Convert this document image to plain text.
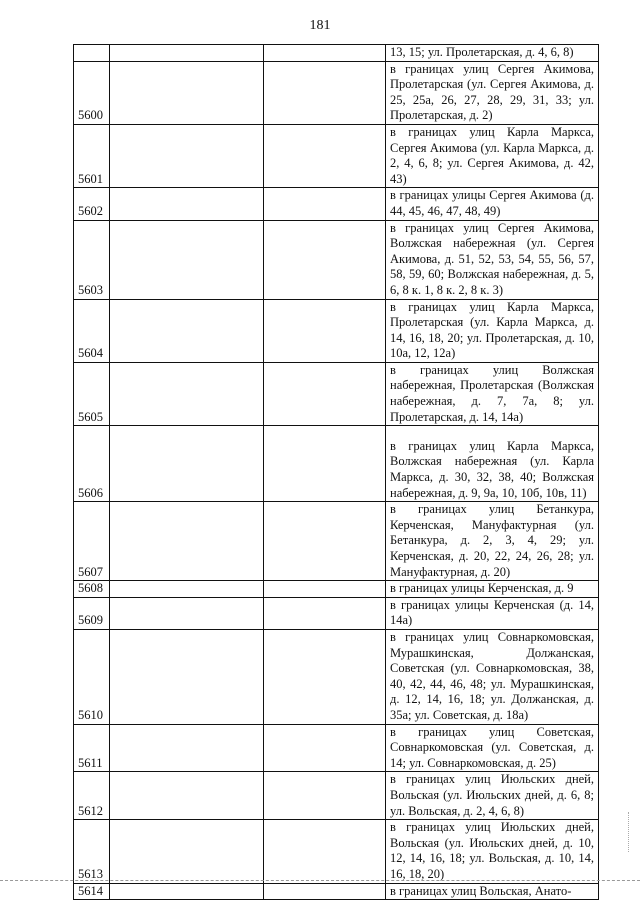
181
			13, 15; ул. Пролетарская, д. 4, 6, 8)
5600			в границах улиц Сергея Акимова, Пролетарская (ул. Сергея Акимова, д. 25, 25а, 26, 27, 28, 29, 31, 33; ул. Пролетарская, д. 2)
5601			в границах улиц Карла Маркса, Сергея Акимова (ул. Карла Маркса, д. 2, 4, 6, 8; ул. Сергея Акимова, д. 42, 43)
5602			в границах улицы Сергея Акимова (д. 44, 45, 46, 47, 48, 49)
5603			в границах улиц Сергея Акимова, Волжская набережная (ул. Сергея Акимова, д. 51, 52, 53, 54, 55, 56, 57, 58, 59, 60; Волжская набережная, д. 5, 6, 8 к. 1, 8 к. 2, 8 к. 3)
5604			в границах улиц Карла Маркса, Пролетарская (ул. Карла Маркса, д. 14, 16, 18, 20; ул. Пролетарская, д. 10, 10а, 12, 12а)
5605			в границах улиц Волжская набережная, Пролетарская (Волжская набережная, д. 7, 7а, 8; ул. Пролетарская, д. 14, 14а)
5606			в границах улиц Карла Маркса, Волжская набережная (ул. Карла Маркса, д. 30, 32, 38, 40; Волжская набережная, д. 9, 9а, 10, 10б, 10в, 11)
5607			в границах улиц Бетанкура, Керченская, Мануфактурная (ул. Бетанкура, д. 2, 3, 4, 29; ул. Керченская, д. 20, 22, 24, 26, 28; ул. Мануфактурная, д. 20)
5608			в границах улицы Керченская, д. 9
5609			в границах улицы Керченская (д. 14, 14а)
5610			в границах улиц Совнаркомовская, Мурашкинская, Должанская, Советская (ул. Совнаркомовская, 38, 40, 42, 44, 46, 48; ул. Мурашкинская, д. 12, 14, 16, 18; ул. Должанская, д. 35а; ул. Советская, д. 18а)
5611			в границах улиц Советская, Совнаркомовская (ул. Советская, д. 14; ул. Совнаркомовская, д. 25)
5612			в границах улиц Июльских дней, Вольская (ул. Июльских дней, д. 6, 8; ул. Вольская, д. 2, 4, 6, 8)
5613			в границах улиц Июльских дней, Вольская (ул. Июльских дней, д. 10, 12, 14, 16, 18; ул. Вольская, д. 10, 14, 16, 18, 20)
5614			в границах улиц Вольская, Анато-
